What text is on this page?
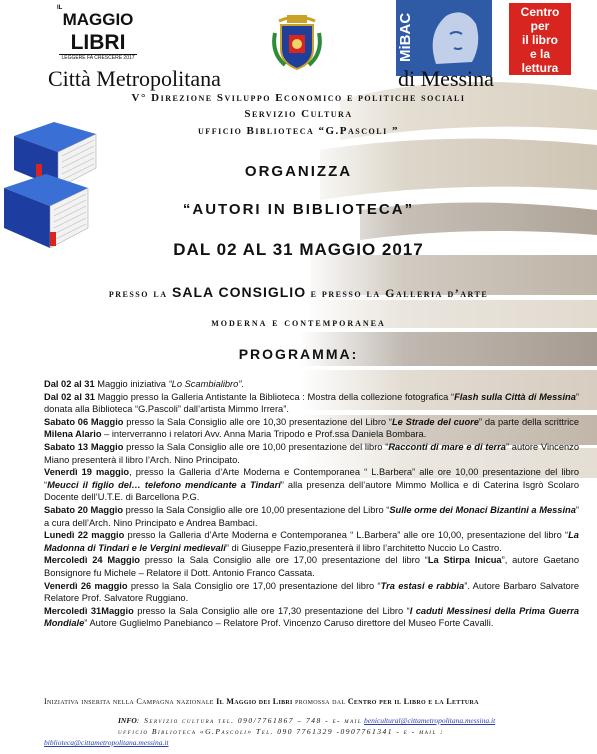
IL
MAGGIO
LIBRI
LEGGERE FA CRESCERE 2017	MiBAC
Centro
per
il libro
e la
lettura
Città Metropolitana	di Messina
V° Direzione Sviluppo Economico e politiche sociali
Servizio Cultura
ufficio Biblioteca “G.Pascoli ”
ORGANIZZA
“AUTORI IN BIBLIOTECA”
DAL 02 AL 31 MAGGIO 2017
presso la SALA CONSIGLIO e presso la Galleria d’arte
moderna e contemporanea
PROGRAMMA:

Dal 02 al 31 Maggio iniziativa “Lo Scambialibro”.

Dal 02 al 31 Maggio presso la Galleria Antistante la Biblioteca : Mostra della collezione fotografica “Flash sulla Città di Messina” donata alla Biblioteca “G.Pascoli” dall’artista Mimmo Irrera”.

Sabato 06 Maggio presso la Sala Consiglio alle ore 10,30 presentazione del Libro “Le Strade del cuore” da parte della scrittrice Milena Alario – interverranno i relatori Avv. Anna Maria Tripodo e Prof.ssa Daniela Bombara.

Sabato 13 Maggio presso la Sala Consiglio alle ore 10,00 presentazione del libro “Racconti di mare e di terra” autore Vincenzo Miano presenterà il libro l’Arch. Nino Principato.

Venerdì 19 maggio, presso la Galleria d’Arte Moderna e Contemporanea “ L.Barbera” alle ore 10,00 presentazione del libro “Meucci il figlio del… telefono mendicante a Tindari” alla presenza dell’autore Mimmo Mollica e di Caterina Isgrò Scolaro Docente dell’U.T.E. di Barcellona P.G.

Sabato 20 Maggio presso la Sala Consiglio alle ore 10,00 presentazione del Libro “Sulle orme dei Monaci Bizantini a Messina” a cura dell’Arch. Nino Principato e Andrea Bambaci.

Lunedì 22 maggio presso la Galleria d’Arte Moderna e Contemporanea “ L.Barbera” alle ore 10,00, presentazione del libro “La Madonna di Tindari e le Vergini medievali” di Giuseppe Fazio,presenterà il libro l’architetto Nuccio Lo Castro.

Mercoledì 24 Maggio presso la Sala Consiglio alle ore 17,00 presentazione del libro “La Stirpa Inicua”, autore Gaetano Bonsignore fu Michele – Relatore il Dott. Antonio Franco Cassata.

Venerdì 26 maggio presso la Sala Consiglio ore 17,00 presentazione del libro “Tra estasi e rabbia”. Autore Barbaro Salvatore Relatore Prof. Salvatore Ruggiano.

Mercoledì 31Maggio presso la Sala Consiglio alle ore 17,30 presentazione del Libro “I caduti Messinesi della Prima Guerra Mondiale” Autore Guglielmo Panebianco – Relatore Prof. Vincenzo Caruso direttore del Museo Forte Cavalli.

Iniziativa inserita nella Campagna nazionale Il Maggio dei Libri promossa dal Centro per il Libro e la Lettura
INFO: Servizio cultura tel. 090/7761867 – 748 - e- mail benicultural@cittametropolitana.messina.it
ufficio Biblioteca «G.Pascoli» Tel. 090 7761329 -0907761341 - e - mail :
biblioteca@cittametropolitana.messina.it
